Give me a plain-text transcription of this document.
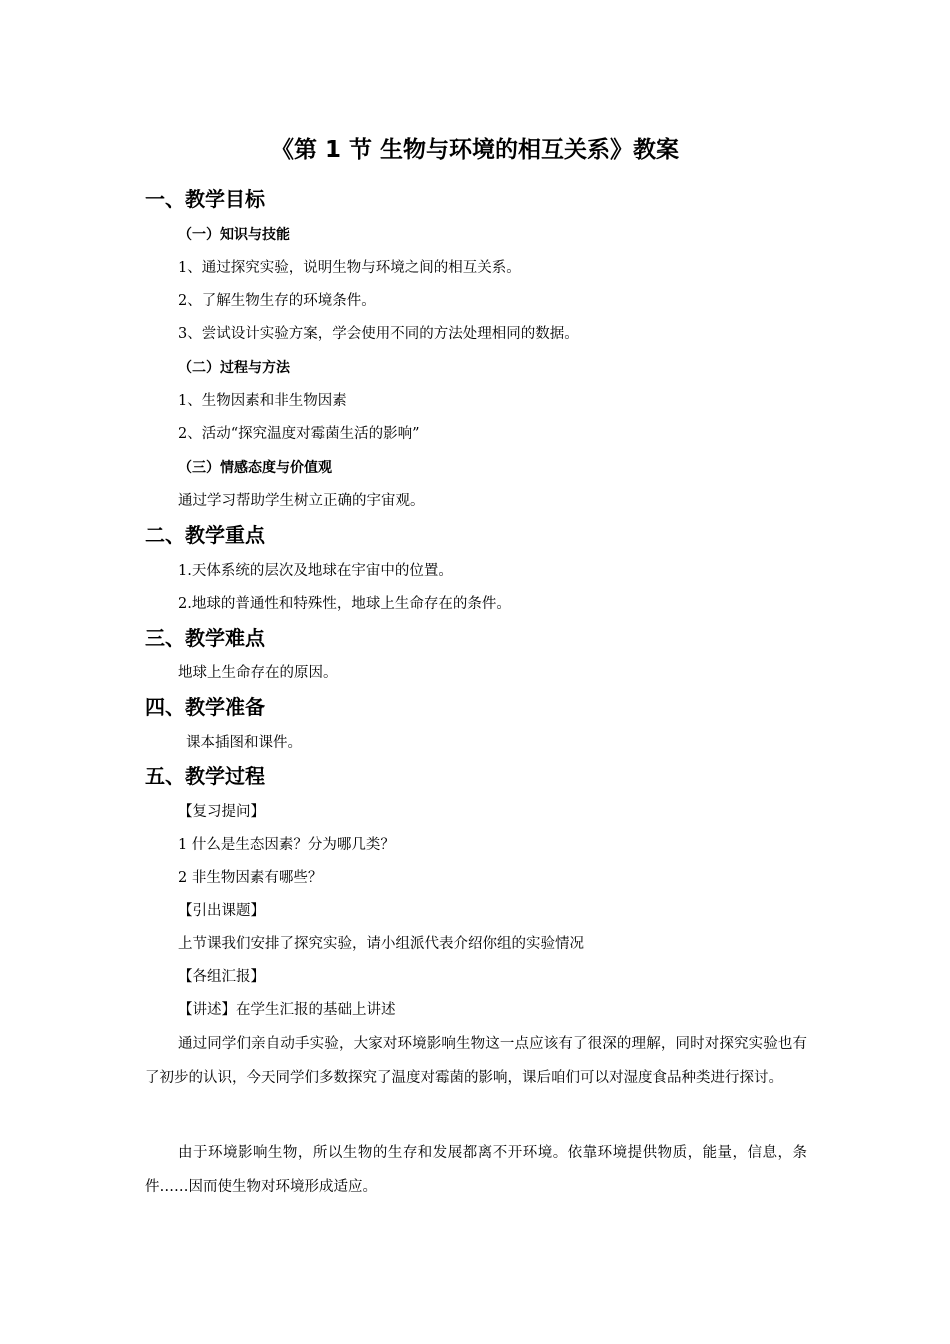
《第 1 节 生物与环境的相互关系》教案
一、教学目标
（一）知识与技能
1、通过探究实验，说明生物与环境之间的相互关系。
2、了解生物生存的环境条件。
3、尝试设计实验方案，学会使用不同的方法处理相同的数据。
（二）过程与方法
1、生物因素和非生物因素
2、活动“探究温度对霉菌生活的影响”
（三）情感态度与价值观
通过学习帮助学生树立正确的宇宙观。
二、教学重点
1.天体系统的层次及地球在宇宙中的位置。
2.地球的普通性和特殊性，地球上生命存在的条件。
三、教学难点
地球上生命存在的原因。
四、教学准备
课本插图和课件。
五、教学过程
【复习提问】
1 什么是生态因素？分为哪几类？
2 非生物因素有哪些？
【引出课题】
上节课我们安排了探究实验，请小组派代表介绍你组的实验情况
【各组汇报】
【讲述】在学生汇报的基础上讲述
通过同学们亲自动手实验，大家对环境影响生物这一点应该有了很深的理解，同时对探究实验也有了初步的认识，今天同学们多数探究了温度对霉菌的影响，课后咱们可以对湿度食品种类进行探讨。
由于环境影响生物，所以生物的生存和发展都离不开环境。依靠环境提供物质，能量，信息，条件……因而使生物对环境形成适应。
